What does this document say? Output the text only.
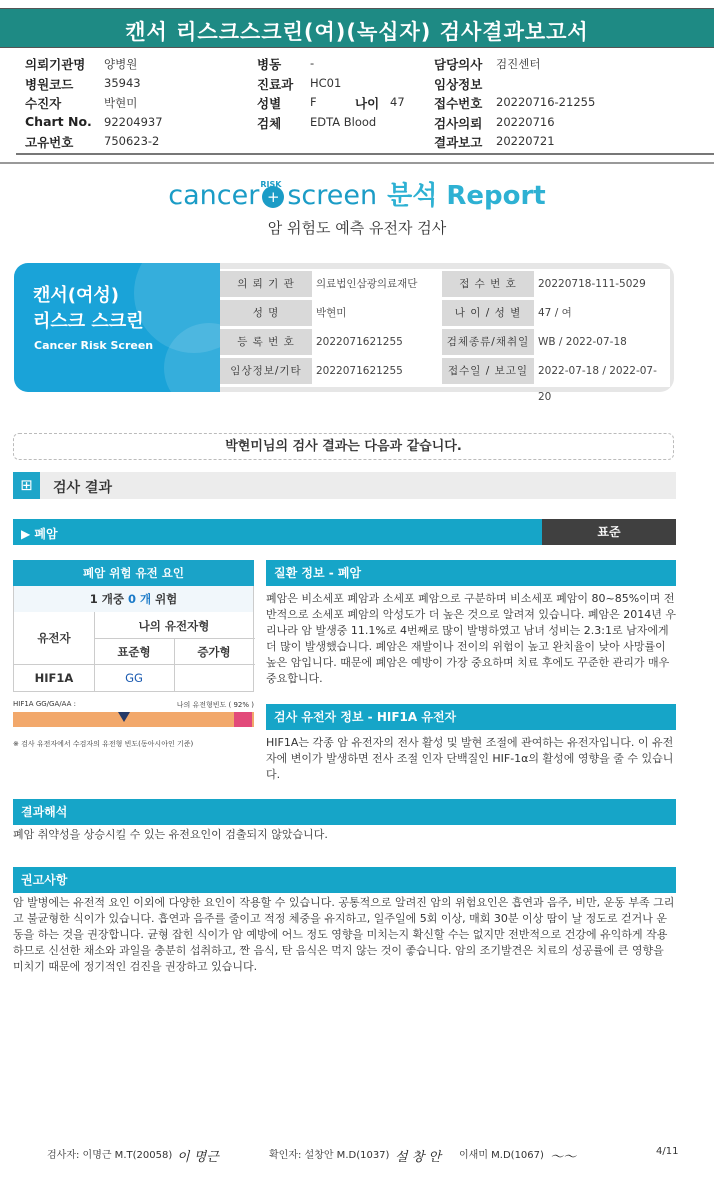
캔서 리스크스크린(여)(녹십자) 검사결과보고서
의뢰기관명 양병원
병원코드	35943
수진자	박현미
Chart No. 92204937
고유번호	750623-2
병동	-
진료과 HC01
성별	F	나이 47
검체	EDTA Blood
담당의사 검진센터
임상정보
접수번호 20220716-21255
검사의뢰 20220716
결과보고 20220721
cancer RISK
+ screen 분석 Report
암 위험도 예측 유전자 검사
캔서(여성)
리스크 스크린
Cancer Risk Screen
의 뢰 기 관	의료법인삼광의료재단	접 수 번 호	20220718-111-5029
성 명	박현미	나 이 / 성 별	47 / 여
등 록 번 호	2022071621255	검체종류/채취일 WB / 2022-07-18
임상정보/기타	2022071621255	접수일 / 보고일 2022-07-18 / 2022-07-20
박현미님의 검사 결과는 다음과 같습니다.
⊞	검사 결과
▶ 폐암	표준
폐암 위험 유전 요인
1 개중 0 개 위험
유전자
나의 유전자형
표준형	증가형
HIF1A	GG
HIF1A GG/GA/AA :	나의 유전형빈도 ( 92% )
※ 검사 유전자에서 수검자의 유전형 빈도(동아시아인 기준)
질환 정보 - 폐암
폐암은 비소세포 폐암과 소세포 폐암으로 구분하며 비소세포 폐암이 80~85%이며 전반적으로 소세포 폐암의 악성도가 더 높은 것으로 알려져 있습니다. 폐암은 2014년 우리나라 암 발생중 11.1%로 4번째로 많이 발병하였고 남녀 성비는 2.3:1로 남자에게 더 많이 발생했습니다. 폐암은 재발이나 전이의 위험이 높고 완치율이 낮아 사망률이 높은 암입니다. 때문에 폐암은 예방이 가장 중요하며 치료 후에도 꾸준한 관리가 매우 중요합니다.
검사 유전자 정보 - HIF1A 유전자
HIF1A는 각종 암 유전자의 전사 활성 및 발현 조절에 관여하는 유전자입니다. 이 유전자에 변이가 발생하면 전사 조절 인자 단백질인 HIF-1α의 활성에 영향을 줄 수 있습니다.
결과해석
폐암 취약성을 상승시킬 수 있는 유전요인이 검출되지 않았습니다.
권고사항
암 발병에는 유전적 요인 이외에 다양한 요인이 작용할 수 있습니다. 공통적으로 알려진 암의 위험요인은 흡연과 음주, 비만, 운동 부족 그리고 불균형한 식이가 있습니다. 흡연과 음주를 줄이고 적정 체중을 유지하고, 일주일에 5회 이상, 매회 30분 이상 땀이 날 정도로 걷거나 운동을 하는 것을 권장합니다. 균형 잡힌 식이가 암 예방에 어느 정도 영향을 미치는지 확신할 수는 없지만 전반적으로 건강에 유익하게 작용하므로 신선한 채소와 과일을 충분히 섭취하고, 짠 음식, 탄 음식은 먹지 않는 것이 좋습니다. 암의 조기발견은 치료의 성공률에 큰 영향을 미치기 때문에 정기적인 검진을 권장하고 있습니다.
검사자: 이명근 M.T(20058) 이 명근	확인자: 설창안 M.D(1037) 설 창 안 이새미 M.D(1067) ～～	4/11
